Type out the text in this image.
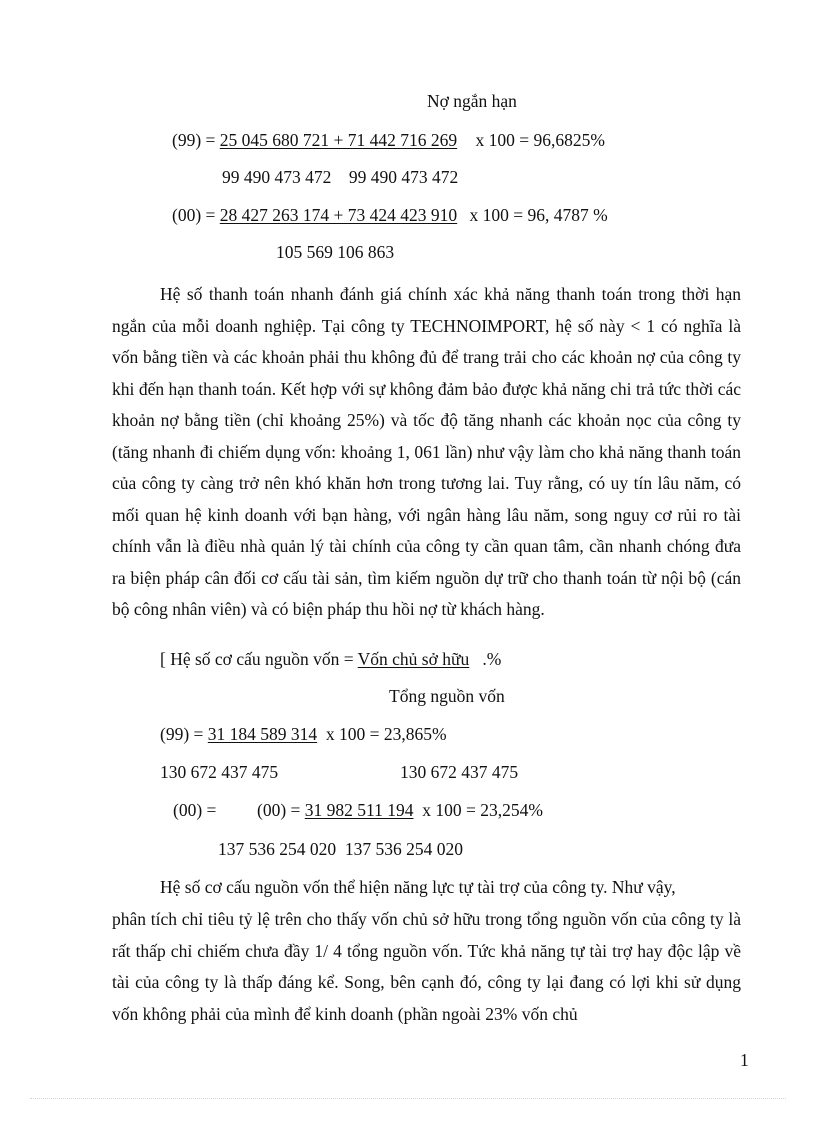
Nợ ngắn hạn
(99) = 25 045 680 721 + 71 442 716 269 x 100 = 96,6825%
99 490 473 472    99 490 473 472
(00) = 28 427 263 174 + 73 424 423 910 x 100 = 96, 4787 %
105 569 106 863

Hệ số thanh toán nhanh đánh giá chính xác khả năng thanh toán trong thời hạn ngắn của mỗi doanh nghiệp. Tại công ty TECHNOIMPORT, hệ số này < 1 có nghĩa là vốn bằng tiền và các khoản phải thu không đủ để trang trải cho các khoản nợ của công ty khi đến hạn thanh toán. Kết hợp với sự không đảm bảo được khả năng chi trả tức thời các khoản nợ bằng tiền (chỉ khoảng 25%) và tốc độ tăng nhanh các khoản nọc của công ty (tăng nhanh đi chiếm dụng vốn: khoảng 1, 061 lần) như vậy làm cho khả năng thanh toán của công ty càng trở nên khó khăn hơn trong tương lai. Tuy rằng, có uy tín lâu năm, có mối quan hệ kinh doanh với bạn hàng, với ngân hàng lâu năm, song nguy cơ rủi ro tài chính vẫn là điều nhà quản lý tài chính của công ty cần quan tâm, cần nhanh chóng đưa ra biện pháp cân đối cơ cấu tài sản, tìm kiếm nguồn dự trữ cho thanh toán từ nội bộ (cán bộ công nhân viên) và có biện pháp thu hồi nợ từ khách hàng.

[ Hệ số cơ cấu nguồn vốn = Vốn chủ sở hữu   .%
Tổng nguồn vốn
(99) = 31 184 589 314  x 100 = 23,865%
130 672 437 475	130 672 437 475
(00) = (00) = 31 982 511 194  x 100 = 23,254%
137 536 254 020  137 536 254 020
Hệ số cơ cấu nguồn vốn thể hiện năng lực tự tài trợ của công ty. Như vậy,

phân tích chỉ tiêu tỷ lệ trên cho thấy vốn chủ sở hữu trong tổng nguồn vốn của công ty là rất thấp chỉ chiếm chưa đầy 1/ 4 tổng nguồn vốn. Tức khả năng tự tài trợ hay độc lập về tài của công ty là thấp đáng kể. Song, bên cạnh đó, công ty lại đang có lợi khi sử dụng vốn không phải của mình để kinh doanh (phần ngoài 23% vốn chủ

1
